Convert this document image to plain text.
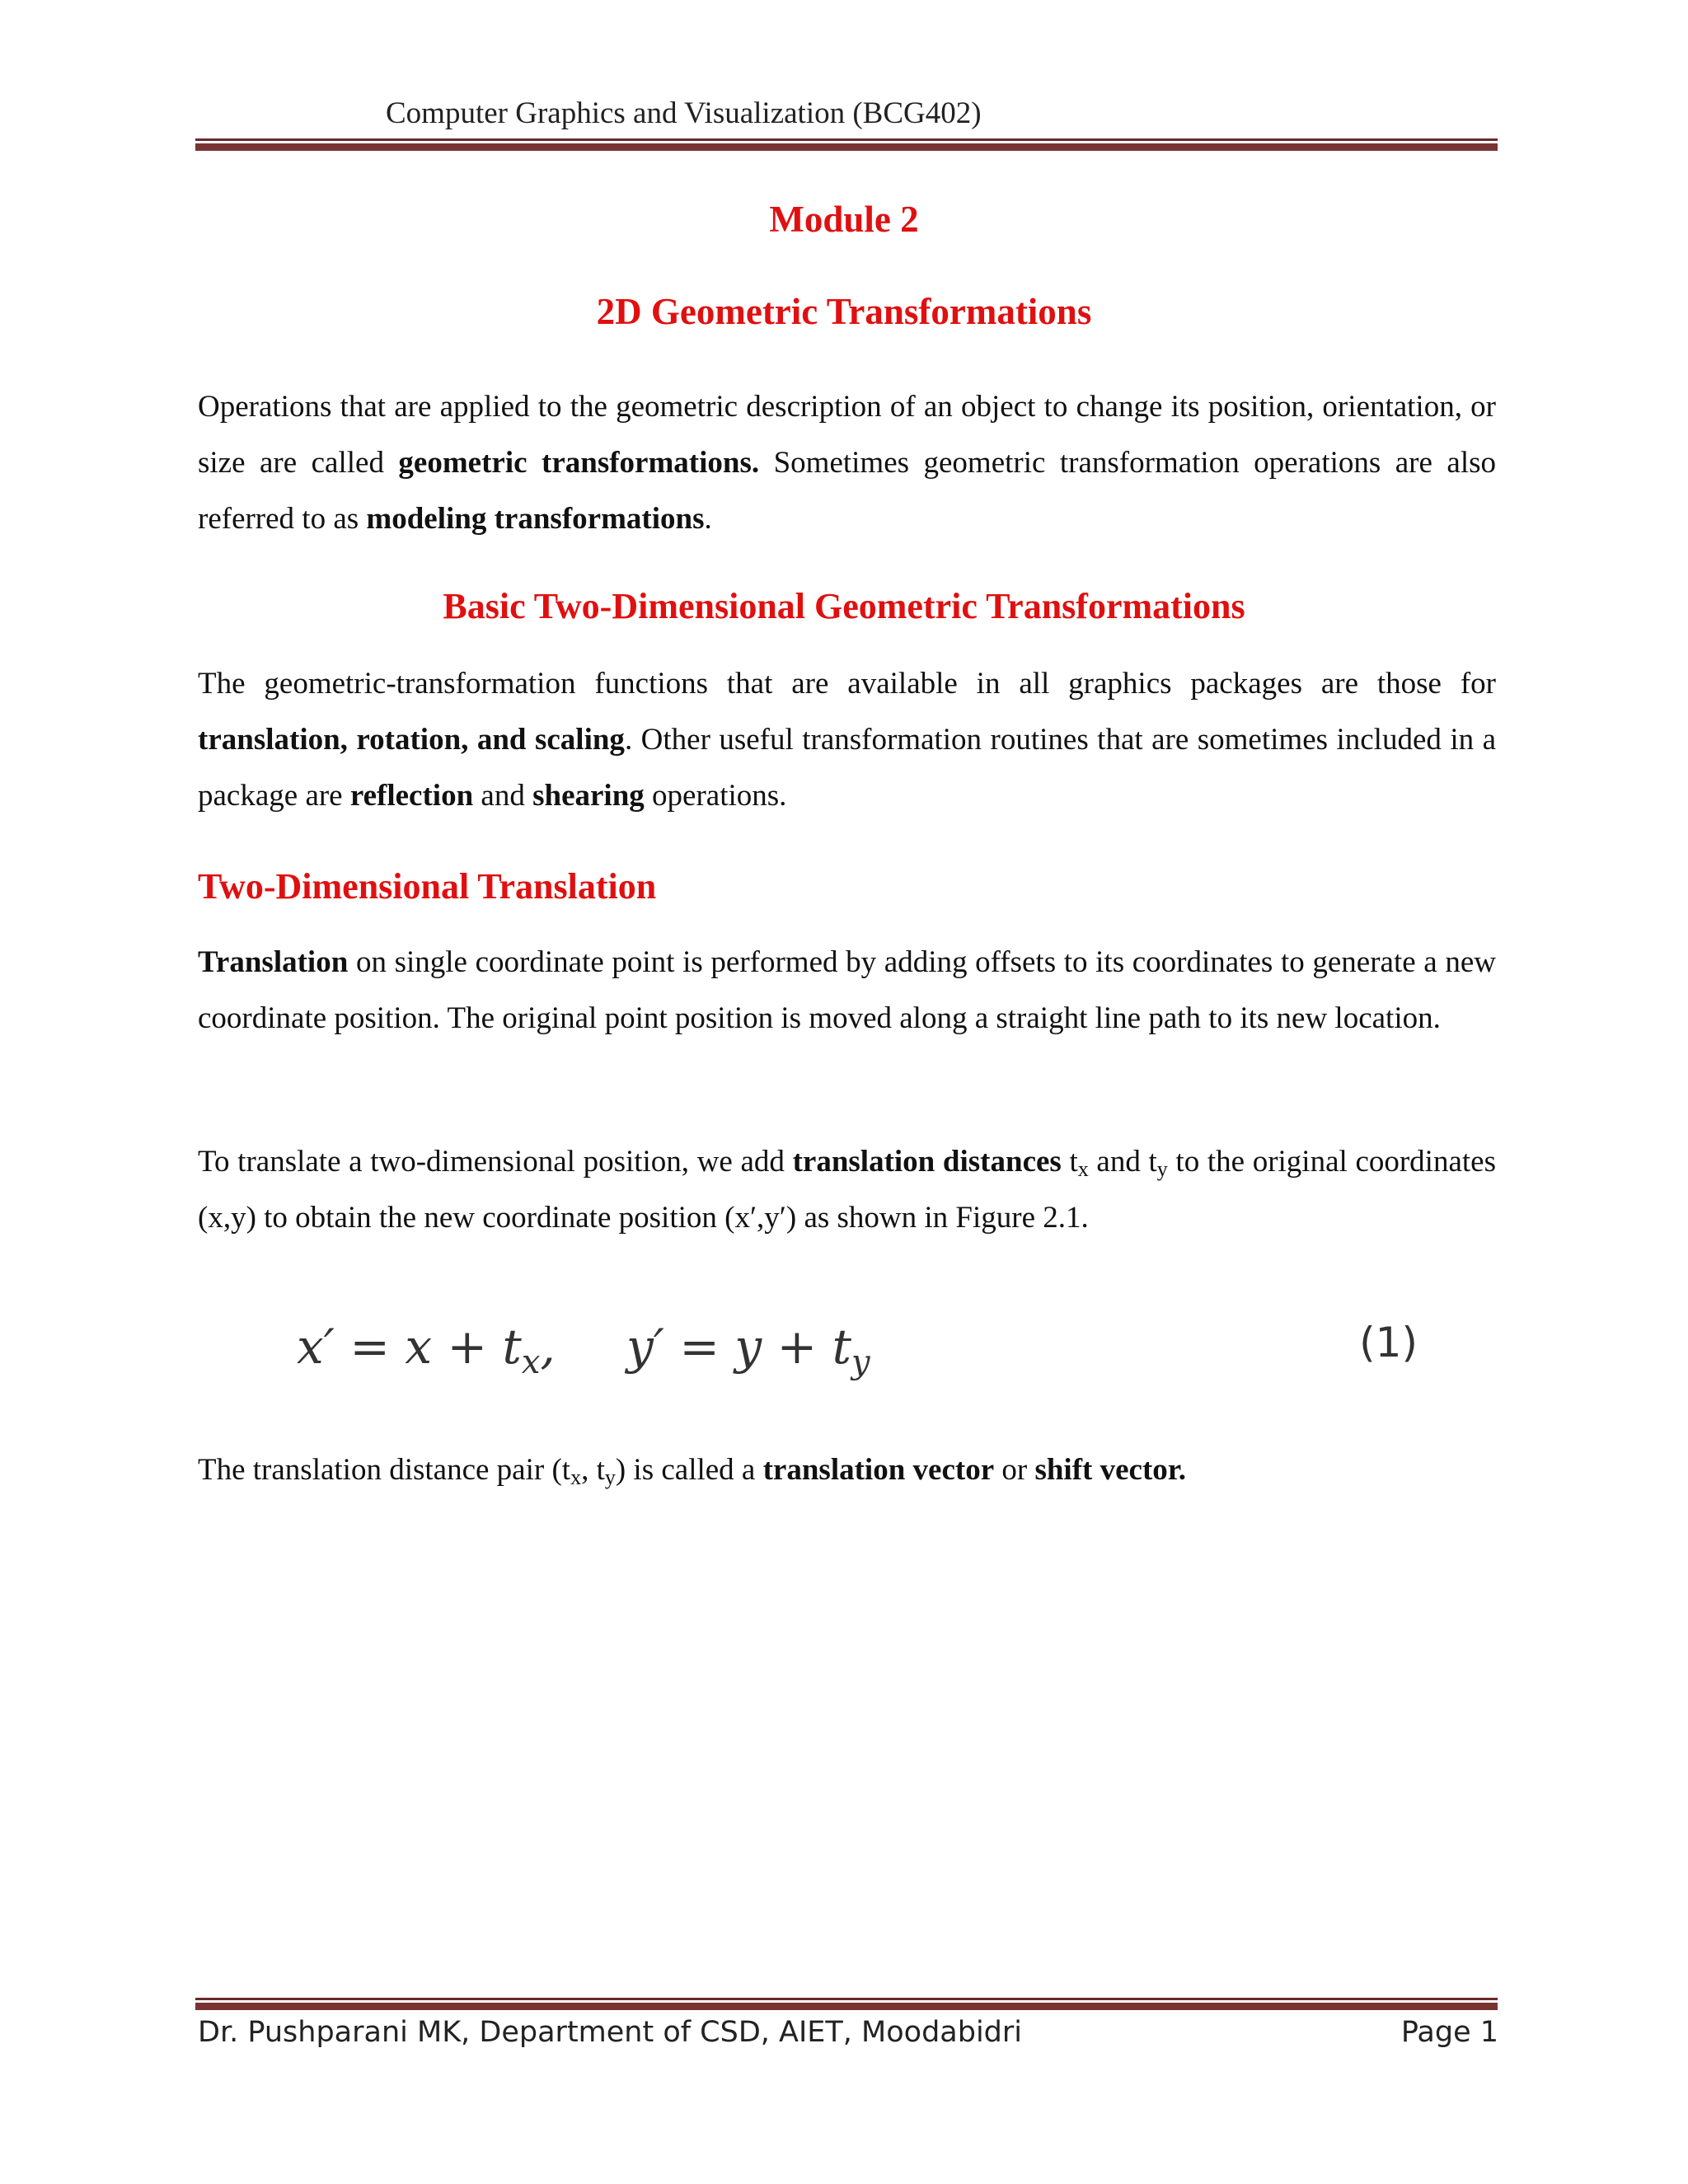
Computer Graphics and Visualization (BCG402)
Module 2
2D Geometric Transformations
Operations that are applied to the geometric description of an object to change its position, orientation, or size are called geometric transformations. Sometimes geometric transformation operations are also referred to as modeling transformations.
Basic Two-Dimensional Geometric Transformations
The geometric-transformation functions that are available in all graphics packages are those for translation, rotation, and scaling. Other useful transformation routines that are sometimes included in a package are reflection and shearing operations.
Two-Dimensional Translation
Translation on single coordinate point is performed by adding offsets to its coordinates to generate a new coordinate position. The original point position is moved along a straight line path to its new location.
To translate a two-dimensional position, we add translation distances $t_x$ and $t_y$ to the original coordinates (x,y) to obtain the new coordinate position (x′,y′) as shown in Figure 2.1.
$x' = x + t_x$, $y' = y + t_y$	(1)
The translation distance pair ($t_x$, $t_y$) is called a translation vector or shift vector.
Dr. Pushparani MK, Department of CSD, AIET, Moodabidri	Page 1
